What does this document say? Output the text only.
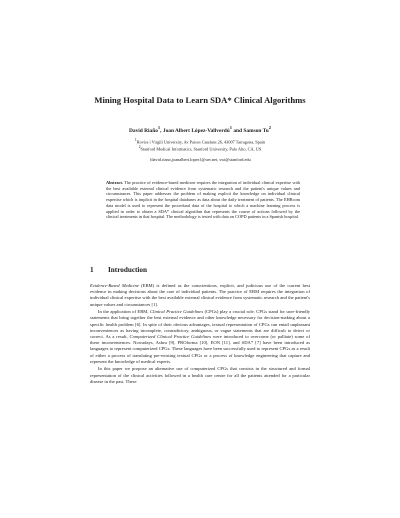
Mining Hospital Data to Learn SDA* Clinical Algorithms
David Riaño$^1$, Joan Albert López-Vallverdú$^1$ and Samson Tu$^2$
$^1$Rovira i Virgili University, Av Paisos Catalans 26, 43007 Tarragona, Spain
$^2$Stanford Medical Informatics, Stanford University, Palo Alto, CA, US
{david.riano,joanalbert.lopez}@urv.net, swt@stanford.edu
Abstract. The practice of evidence-based medicine requires the integration of individual clinical expertise with the best available external clinical evidence from systematic research and the patient's unique values and circumstances. This paper addresses the problem of making explicit the knowledge on individual clinical expertise which is implicit in the hospital databases as data about the daily treatment of patients. The EHRcom data model is used to represent the procedural data of the hospital to which a machine learning process is applied in order to obtain a SDA* clinical algorithm that represents the course of actions followed by the clinical treatments in that hospital. The methodology is tested with data on COPD patients in a Spanish hospital.
1 Introduction

Evidence-Based Medicine (EBM) is defined as the conscientious, explicit, and judicious use of the current best evidence in making decisions about the care of individual patients. The practice of EBM requires the integration of individual clinical expertise with the best available external clinical evidence from systematic research and the patient's unique values and circumstances [1].

In the application of EBM, Clinical Practice Guidelines (CPGs) play a crucial role. CPGs stand for user-friendly statements that bring together the best external evidence and other knowledge necessary for decision-making about a specific health problem [6]. In spite of their obvious advantages, textual representation of CPGs can entail unpleasant inconveniences as having incomplete, contradictory, ambiguous, or vague statements that are difficult to detect or correct. As a result, Computerized Clinical Practice Guidelines were introduced to overcome (or palliate) some of these inconveniences. Nowadays, Asbru [9], PROforma [10], EON [11], and SDA* [7] have been introduced as languages to represent computerized CPGs. These languages have been successfully used to represent CPGs as a result of either a process of translating pre-existing textual CPGs or a process of knowledge engineering that capture and represent the knowledge of medical experts.

In this paper we propose an alternative use of computerized CPGs that consists in the structured and formal representation of the clinical activities followed in a health care centre for all the patients attended for a particular disease in the past. These
